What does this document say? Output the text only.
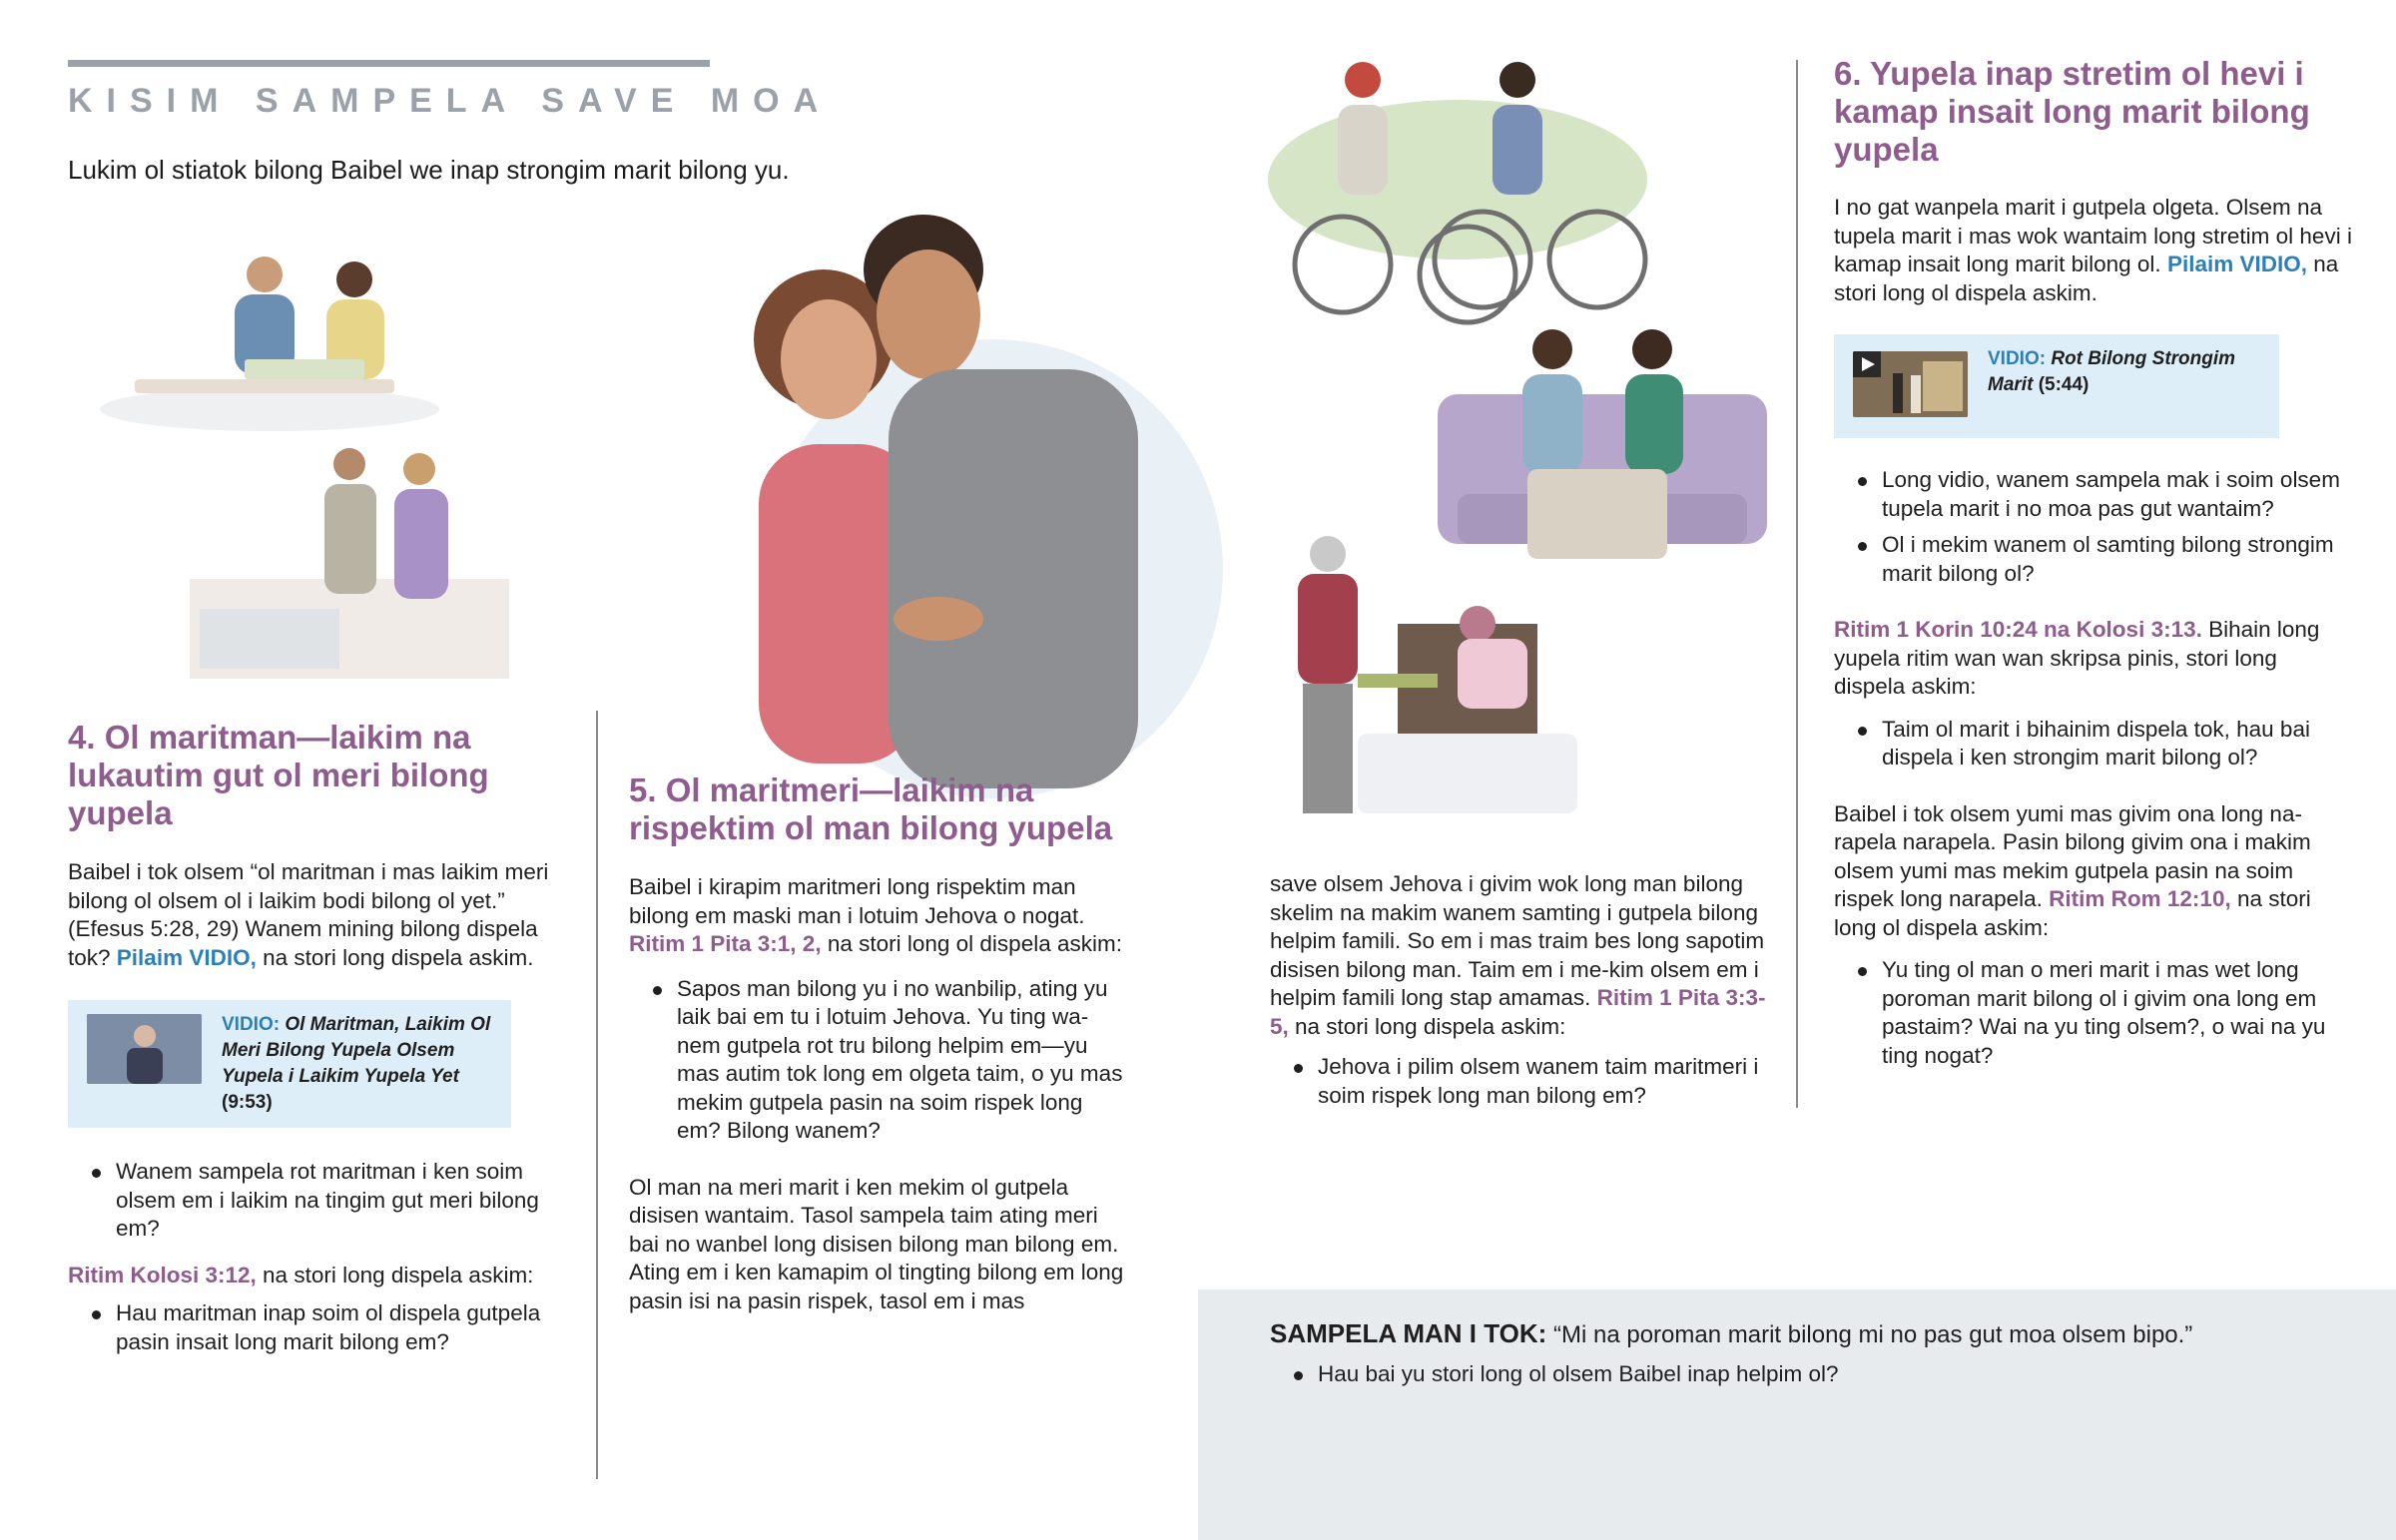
KISIM SAMPELA SAVE MOA
Lukim ol stiatok bilong Baibel we inap strongim marit bilong yu.
4. Ol maritman—laikim na lukautim gut ol meri bilong yupela

Baibel i tok olsem “ol maritman i mas laikim meri bilong ol olsem ol i laikim bodi bilong ol yet.” (Efesus 5:28, 29) Wanem mining bilong dispela tok? Pilaim VIDIO, na stori long dispela askim.

VIDIO: Ol Maritman, Laikim Ol Meri Bilong Yupela Olsem Yupela i Laikim Yupela Yet (9:53)
Wanem sampela rot maritman i ken soim olsem em i laikim na tingim gut meri bilong em?

Ritim Kolosi 3:12, na stori long dispela askim:

Hau maritman inap soim ol dispela gutpela pasin insait long marit bilong em?
5. Ol maritmeri—laikim na rispektim ol man bilong yupela

Baibel i kirapim maritmeri long rispektim man bilong em maski man i lotuim Jehova o nogat. Ritim 1 Pita 3:1, 2, na stori long ol dispela askim:

Sapos man bilong yu i no wanbilip, ating yu laik bai em tu i lotuim Jehova. Yu ting wa-nem gutpela rot tru bilong helpim em—yu mas autim tok long em olgeta taim, o yu mas mekim gutpela pasin na soim rispek long em? Bilong wanem?

Ol man na meri marit i ken mekim ol gutpela disisen wantaim. Tasol sampela taim ating meri bai no wanbel long disisen bilong man bilong em. Ating em i ken kamapim ol tingting bilong em long pasin isi na pasin rispek, tasol em i mas

save olsem Jehova i givim wok long man bilong skelim na makim wanem samting i gutpela bilong helpim famili. So em i mas traim bes long sapotim disisen bilong man. Taim em i me-kim olsem em i helpim famili long stap amamas. Ritim 1 Pita 3:3-5, na stori long dispela askim:

Jehova i pilim olsem wanem taim maritmeri i soim rispek long man bilong em?
6. Yupela inap stretim ol hevi i kamap insait long marit bilong yupela

I no gat wanpela marit i gutpela olgeta. Olsem na tupela marit i mas wok wantaim long stretim ol hevi i kamap insait long marit bilong ol. Pilaim VIDIO, na stori long ol dispela askim.

VIDIO: Rot Bilong Strongim Marit (5:44)
Long vidio, wanem sampela mak i soim olsem tupela marit i no moa pas gut wantaim?
Ol i mekim wanem ol samting bilong strongim marit bilong ol?

Ritim 1 Korin 10:24 na Kolosi 3:13. Bihain long yupela ritim wan wan skripsa pinis, stori long dispela askim:

Taim ol marit i bihainim dispela tok, hau bai dispela i ken strongim marit bilong ol?

Baibel i tok olsem yumi mas givim ona long na-rapela narapela. Pasin bilong givim ona i makim olsem yumi mas mekim gutpela pasin na soim rispek long narapela. Ritim Rom 12:10, na stori long ol dispela askim:

Yu ting ol man o meri marit i mas wet long poroman marit bilong ol i givim ona long em pastaim? Wai na yu ting olsem?, o wai na yu ting nogat?

SAMPELA MAN I TOK: “Mi na poroman marit bilong mi no pas gut moa olsem bipo.”

Hau bai yu stori long ol olsem Baibel inap helpim ol?
